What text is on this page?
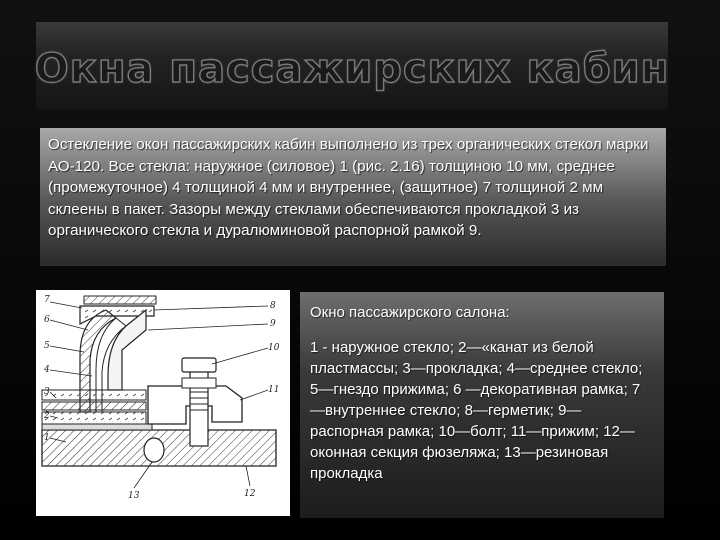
Окна пассажирских кабин
Остекление окон пассажирских кабин выполнено из трех органических стекол марки АО-120. Все стекла: наружное (силовое) 1 (рис. 2.16) толщиною 10 мм, среднее (промежуточное) 4 толщиной 4 мм и внутреннее, (защитное) 7 толщиной 2 мм склеены в пакет. Зазоры между стеклами обеспечиваются прокладкой 3 из органического стекла и дуралюминовой распорной рамкой 9.
7
6
5
4
3
2
1
8
9
10
11
12
13
Окно пассажирского салона:
1 - наружное стекло; 2—«канат из белой пластмассы; 3—прокладка; 4—среднее стекло; 5—гнездо прижима; 6 —декоративная рамка; 7—внутреннее стекло; 8—герметик; 9— распорная рамка; 10—болт; 11—прижим; 12—оконная секция фюзеляжа; 13—резиновая прокладка
